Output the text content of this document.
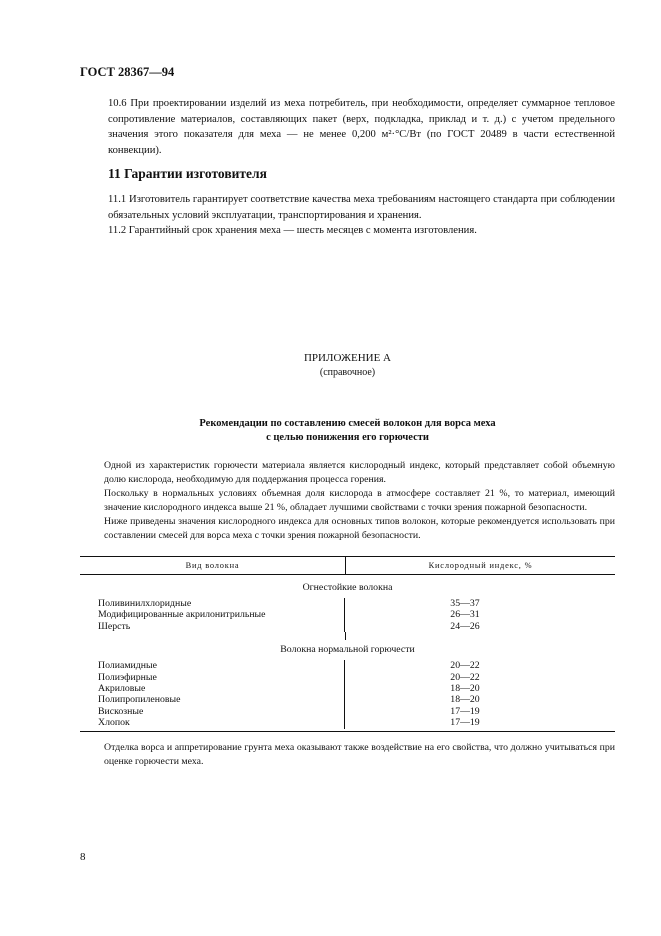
ГОСТ 28367—94
10.6 При проектировании изделий из меха потребитель, при необходимости, определяет суммарное тепловое сопротивление материалов, составляющих пакет (верх, подкладка, приклад и т. д.) с учетом предельного значения этого показателя для меха — не менее 0,200 м²·°С/Вт (по ГОСТ 20489 в части естественной конвекции).
11 Гарантии изготовителя
11.1 Изготовитель гарантирует соответствие качества меха требованиям настоящего стандарта при соблюдении обязательных условий эксплуатации, транспортирования и хранения.
11.2 Гарантийный срок хранения меха — шесть месяцев с момента изготовления.
ПРИЛОЖЕНИЕ А
(справочное)
Рекомендации по составлению смесей волокон для ворса меха
с целью понижения его горючести
Одной из характеристик горючести материала является кислородный индекс, который представляет собой объемную долю кислорода, необходимую для поддержания процесса горения.
Поскольку в нормальных условиях объемная доля кислорода в атмосфере составляет 21 %, то материал, имеющий значение кислородного индекса выше 21 %, обладает лучшими свойствами с точки зрения пожарной безопасности.
Ниже приведены значения кислородного индекса для основных типов волокон, которые рекомендуется использовать при составлении смесей для ворса меха с точки зрения пожарной безопасности.
Вид волокна	Кислородный индекс, %
Огнестойкие волокна
Поливинилхлоридные	35—37
Модифицированные акрилонитрильные	26—31
Шерсть	24—26
Волокна нормальной горючести
Полиамидные	20—22
Полиэфирные	20—22
Акриловые	18—20
Полипропиленовые	18—20
Вискозные	17—19
Хлопок	17—19
Отделка ворса и аппретирование грунта меха оказывают также воздействие на его свойства, что должно учитываться при оценке горючести меха.
8
